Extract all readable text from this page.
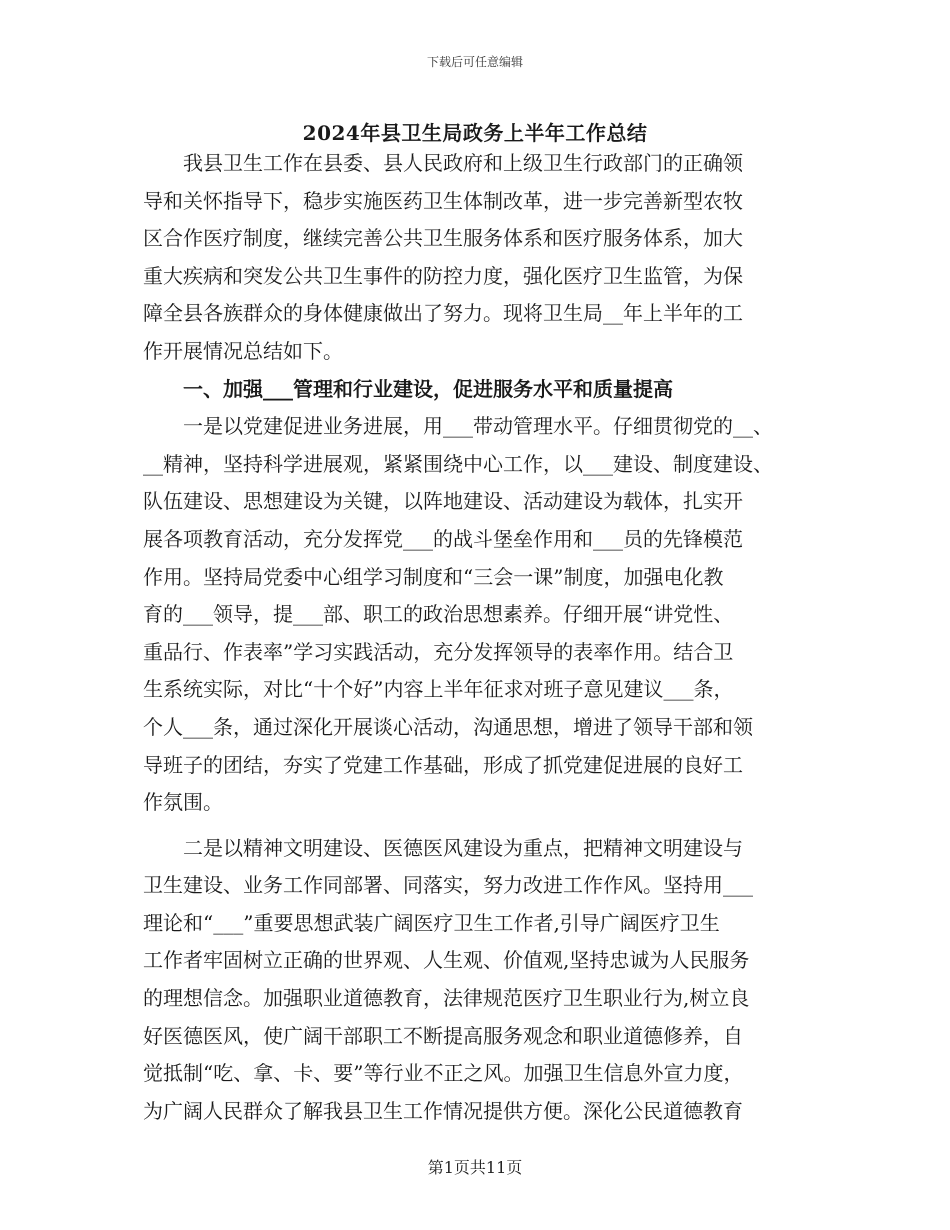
下载后可任意编辑
2024年县卫生局政务上半年工作总结
　　我县卫生工作在县委、县人民政府和上级卫生行政部门的正确领
导和关怀指导下，稳步实施医药卫生体制改革，进一步完善新型农牧
区合作医疗制度，继续完善公共卫生服务体系和医疗服务体系，加大
重大疾病和突发公共卫生事件的防控力度，强化医疗卫生监管，为保
障全县各族群众的身体健康做出了努力。现将卫生局__年上半年的工
作开展情况总结如下。
　　一、加强___管理和行业建设，促进服务水平和质量提高
　　一是以党建促进业务进展，用___带动管理水平。仔细贯彻党的__、
__精神，坚持科学进展观，紧紧围绕中心工作，以___建设、制度建设、
队伍建设、思想建设为关键，以阵地建设、活动建设为载体，扎实开
展各项教育活动，充分发挥党___的战斗堡垒作用和___员的先锋模范
作用。坚持局党委中心组学习制度和“三会一课”制度，加强电化教
育的___领导，提___部、职工的政治思想素养。仔细开展“讲党性、
重品行、作表率”学习实践活动，充分发挥领导的表率作用。结合卫
生系统实际，对比“十个好”内容上半年征求对班子意见建议___条，
个人___条，通过深化开展谈心活动，沟通思想，增进了领导干部和领
导班子的团结，夯实了党建工作基础，形成了抓党建促进展的良好工
作氛围。
　　二是以精神文明建设、医德医风建设为重点，把精神文明建设与
卫生建设、业务工作同部署、同落实，努力改进工作作风。坚持用___
理论和“___”重要思想武装广阔医疗卫生工作者,引导广阔医疗卫生
工作者牢固树立正确的世界观、人生观、价值观,坚持忠诚为人民服务
的理想信念。加强职业道德教育，法律规范医疗卫生职业行为,树立良
好医德医风，使广阔干部职工不断提高服务观念和职业道德修养，自
觉抵制“吃、拿、卡、要”等行业不正之风。加强卫生信息外宣力度，
为广阔人民群众了解我县卫生工作情况提供方便。深化公民道德教育
第1页共11页
